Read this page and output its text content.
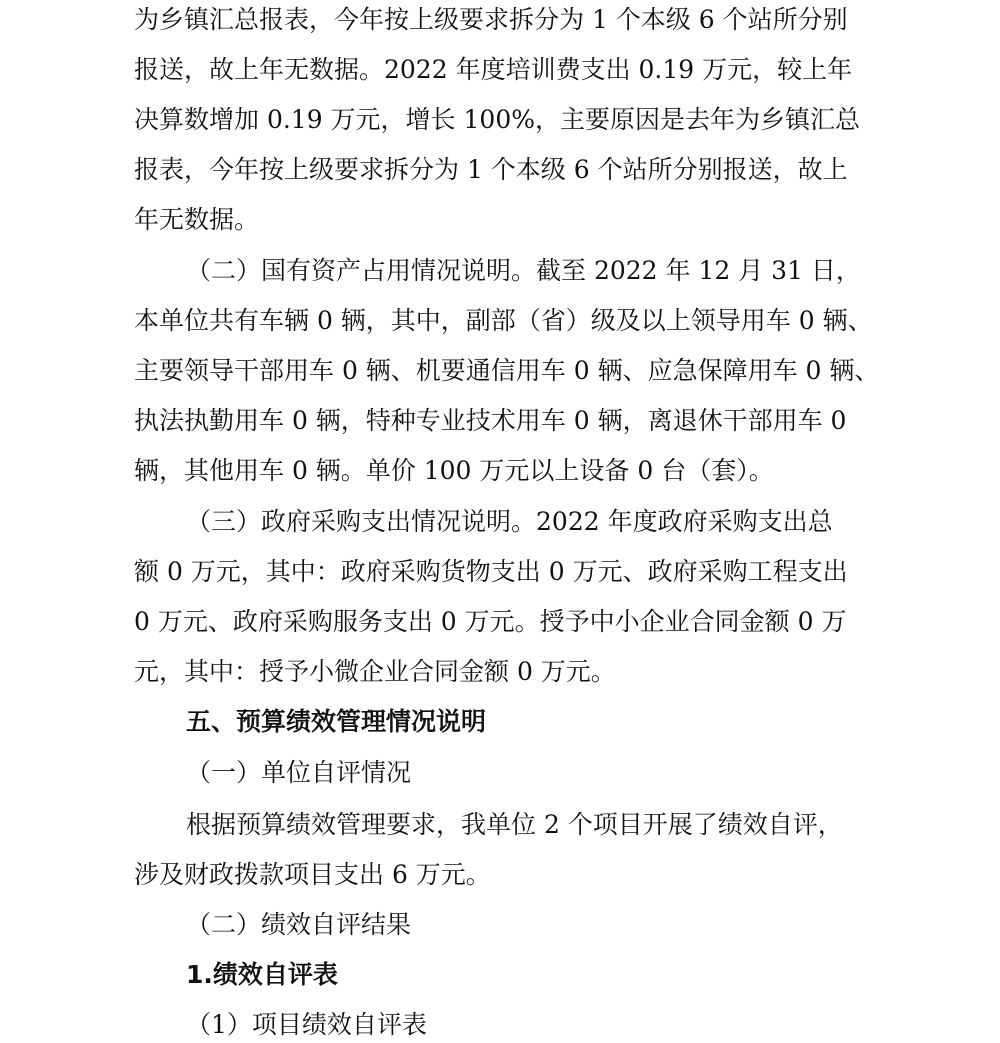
为乡镇汇总报表，今年按上级要求拆分为 1 个本级 6 个站所分别
报送，故上年无数据。2022 年度培训费支出 0.19 万元，较上年
决算数增加 0.19 万元，增长 100%，主要原因是去年为乡镇汇总
报表，今年按上级要求拆分为 1 个本级 6 个站所分别报送，故上
年无数据。
（二）国有资产占用情况说明。截至 2022 年 12 月 31 日，
本单位共有车辆 0 辆，其中，副部（省）级及以上领导用车 0 辆、
主要领导干部用车 0 辆、机要通信用车 0 辆、应急保障用车 0 辆、
执法执勤用车 0 辆，特种专业技术用车 0 辆，离退休干部用车 0
辆，其他用车 0 辆。单价 100 万元以上设备 0 台（套）。
（三）政府采购支出情况说明。2022 年度政府采购支出总
额 0 万元，其中：政府采购货物支出 0 万元、政府采购工程支出
0 万元、政府采购服务支出 0 万元。授予中小企业合同金额 0 万
元，其中：授予小微企业合同金额 0 万元。
五、预算绩效管理情况说明
（一）单位自评情况
根据预算绩效管理要求，我单位 2 个项目开展了绩效自评，
涉及财政拨款项目支出 6 万元。
（二）绩效自评结果
1.绩效自评表
（1）项目绩效自评表
